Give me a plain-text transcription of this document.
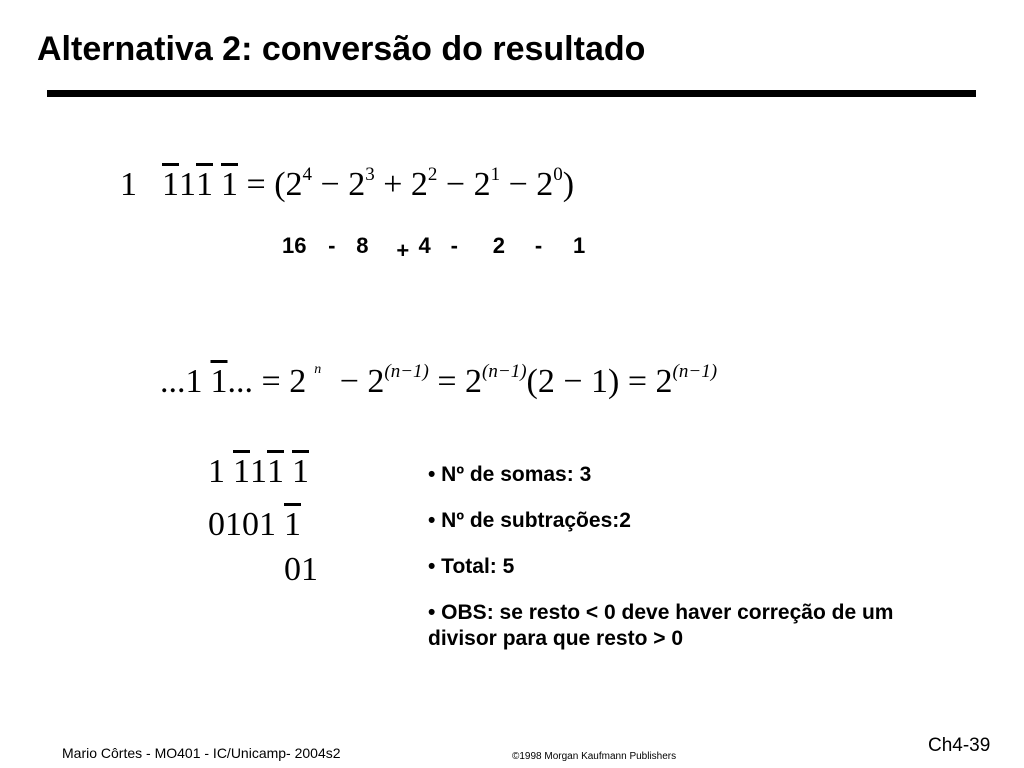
Alternativa 2: conversão do resultado
1 111 $1 = (2^4 - 2^3 + 2^2 - 2^1 - 2^0)$
16 - 8 + 4 - 2 - 1
...1 1... = 2 $^n - 2^{(n-1)} = 2^{(n-1)}(2 - 1) = 2^{(n-1)}$
1 111 1
0101 1
01
• Nº de somas: 3
• Nº de subtrações:2
• Total: 5
• OBS: se resto < 0 deve haver correção de um divisor para que resto > 0
Mario Côrtes - MO401 - IC/Unicamp- 2004s2	©1998 Morgan Kaufmann Publishers
Ch4-39
